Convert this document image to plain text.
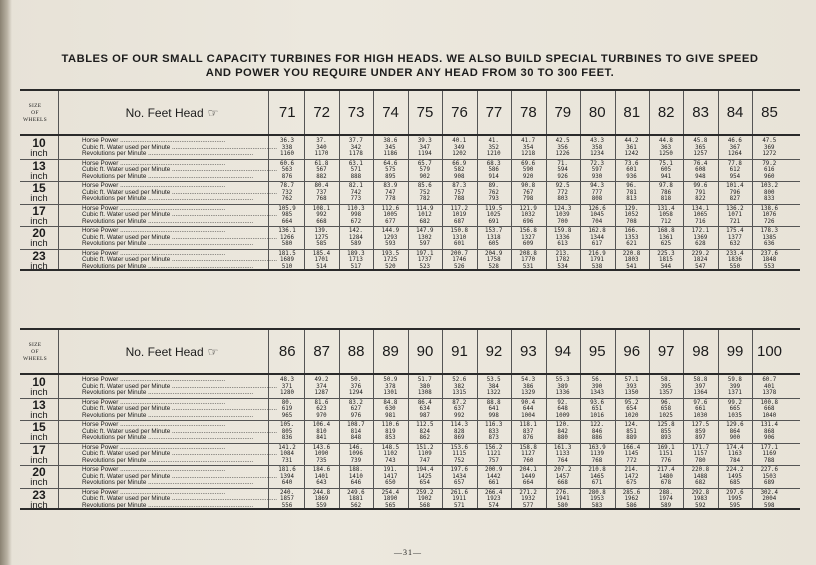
TABLES OF OUR SMALL CAPACITY TURBINES FOR HIGH HEADS. WE ALSO BUILD SPECIAL TURBINES TO GIVE SPEED
AND POWER YOU REQUIRE UNDER ANY HEAD FROM 30 TO 300 FEET.
SIZE
OF
WHEELS
No. Feet Head ☞	71	72	73	74	75	76	77	78	79	80	81	82	83	84	85
10
inch
Horse Power ............................................................	36.3	37.	37.7	38.6	39.3	40.1	41.	41.7	42.5	43.3	44.2	44.8	45.8	46.6	47.5
Cubic ft. Water used per Minute ............................................................ 338	340	342	345	347	349	352	354	356	358	361	363	365	367	369
Revolutions per Minute ............................................................	1160	1170	1178	1186	1194	1202	1210	1218	1226	1234	1242	1250	1257	1264	1272
13
inch
Horse Power ............................................................	60.6	61.8	63.1	64.6	65.7	66.9	68.3	69.6	71.	72.3	73.6	75.1	76.4	77.8	79.2
Cubic ft. Water used per Minute ............................................................ 563	567	571	575	579	582	586	590	594	597	601	605	608	612	616
Revolutions per Minute ............................................................	876	882	888	895	902	908	914	920	926	930	936	941	948	954	960
15
inch
Horse Power ............................................................	78.7	80.4	82.1	83.9	85.6	87.3	89.	90.8	92.5	94.3	96.	97.8	99.6	101.4	103.2
Cubic ft. Water used per Minute ............................................................ 732	737	742	747	752	757	762	767	772	777	781	786	791	796	800
Revolutions per Minute ............................................................	762	768	773	778	782	788	793	798	803	808	813	818	822	827	833
17
inch
Horse Power ............................................................	105.9	108.1	110.3	112.6	114.9	117.2	119.5	121.9	124.3	126.6	129.	131.4	134.1	136.2	138.6
Cubic ft. Water used per Minute ............................................................ 985	992	998	1005	1012	1019	1025	1032	1039	1045	1052	1058	1065	1071	1076
Revolutions per Minute ............................................................	664	668	672	677	682	687	691	696	700	704	708	712	716	721	726
20
inch
Horse Power ............................................................	136.1	139.	142.	144.9	147.9	150.8	153.7	156.8	159.8	162.8	166.	168.8	172.1	175.4	178.3
Cubic ft. Water used per Minute ............................................................ 1266	1275	1284	1293	1302	1310	1318	1327	1336	1344	1353	1361	1369	1377	1385
Revolutions per Minute ............................................................	580	585	589	593	597	601	605	609	613	617	621	625	628	632	636
23
inch
Horse Power ............................................................	181.5	185.4	189.3	193.5	197.1	200.7	204.9	208.8	213.	216.9	220.8	225.3	229.2	233.4	237.6
Cubic ft. Water used per Minute ............................................................ 1689	1701	1713	1725	1737	1746	1758	1770	1782	1791	1803	1815	1824	1836	1848
Revolutions per Minute ............................................................	510	514	517	520	523	526	528	531	534	538	541	544	547	550	553
SIZE
OF
WHEELS
No. Feet Head ☞	86	87	88	89	90	91	92	93	94	95	96	97	98	99 100
10
inch
Horse Power ............................................................	48.3	49.2	50.	50.9	51.7	52.6	53.5	54.3	55.3	56.	57.1	58.	58.8	59.8	60.7
Cubic ft. Water used per Minute ............................................................ 371	374	376	378	380	382	384	386	389	390	393	395	397	399	401
Revolutions per Minute ............................................................	1280	1287	1294	1301	1308	1315	1322	1329	1336	1343	1350	1357	1364	1371	1378
13
inch
Horse Power ............................................................	80.	81.6	83.2	84.8	86.4	87.2	88.8	90.4	92.	93.6	95.2	96.	97.6	99.2	100.8
Cubic ft. Water used per Minute ............................................................ 619	623	627	630	634	637	641	644	648	651	654	658	661	665	668
Revolutions per Minute ............................................................	965	970	976	981	987	992	998	1004	1009	1016	1020	1025	1030	1035	1040
15
inch
Horse Power ............................................................	105.	106.4	108.7	110.6	112.5	114.3	116.3	118.1	120.	122.	124.	125.8	127.5	129.6	131.4
Cubic ft. Water used per Minute ............................................................ 805	810	814	819	824	828	833	837	842	846	851	855	859	864	868
Revolutions per Minute ............................................................	836	841	848	853	862	869	873	876	880	886	889	893	897	900	906
17
inch
Horse Power ............................................................	141.2	143.6	146.	148.5	151.2	153.6	156.2	158.8	161.3	163.9	166.4	169.1	171.7	174.4	177.1
Cubic ft. Water used per Minute ............................................................ 1084	1090	1096	1102	1109	1115	1121	1127	1133	1139	1145	1151	1157	1163	1169
Revolutions per Minute ............................................................	731	735	739	743	747	752	757	760	764	768	772	776	780	784	788
20
inch
Horse Power ............................................................	181.6	184.6	188.	191.	194.4	197.6	200.9	204.1	207.2	210.8	214.	217.4	220.8	224.2	227.6
Cubic ft. Water used per Minute ............................................................ 1394	1401	1410	1417	1425	1434	1442	1449	1457	1465	1472	1480	1488	1495	1503
Revolutions per Minute ............................................................	640	643	646	650	654	657	661	664	668	671	675	678	682	685	689
23
inch
Horse Power ............................................................	240.	244.8	249.6	254.4	259.2	261.6	266.4	271.2	276.	280.8	285.6	288.	292.8	297.6	302.4
Cubic ft. Water used per Minute ............................................................ 1857	1869	1881	1890	1902	1911	1923	1932	1941	1953	1962	1974	1983	1995	2004
Revolutions per Minute ............................................................	556	559	562	565	568	571	574	577	580	583	586	589	592	595	598
—31—
